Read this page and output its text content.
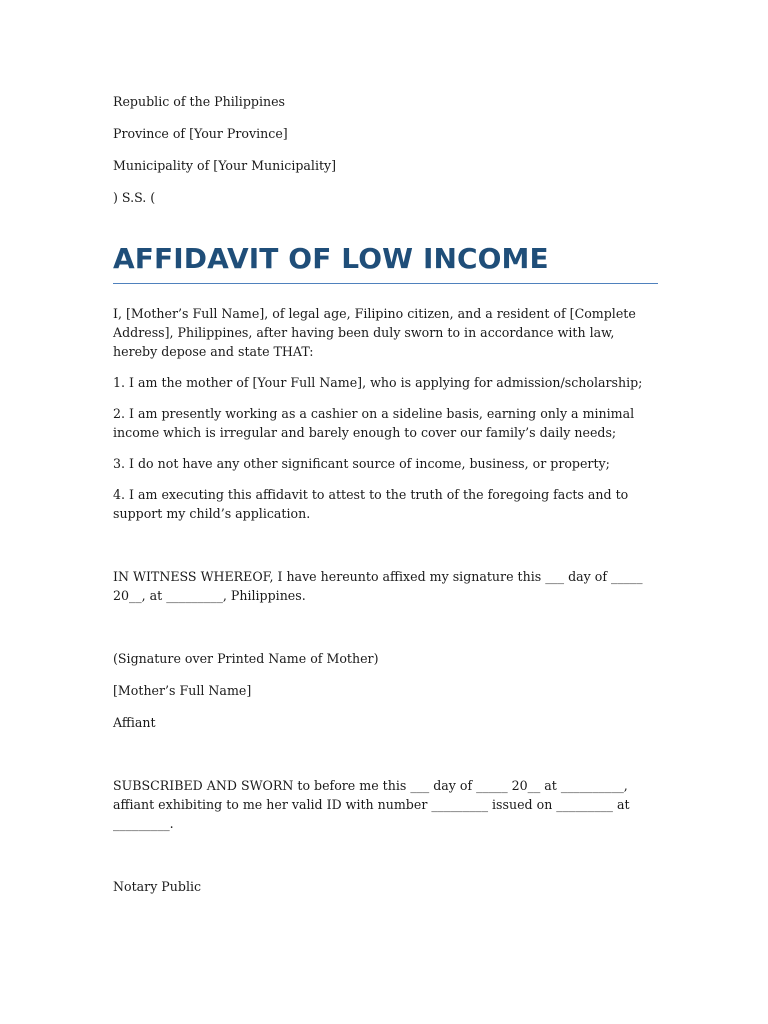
Republic of the Philippines

Province of [Your Province]

Municipality of [Your Municipality]

) S.S. (

AFFIDAVIT OF LOW INCOME

I, [Mother’s Full Name], of legal age, Filipino citizen, and a resident of [Complete Address], Philippines, after having been duly sworn to in accordance with law, hereby depose and state THAT:

1. I am the mother of [Your Full Name], who is applying for admission/scholarship;

2. I am presently working as a cashier on a sideline basis, earning only a minimal income which is irregular and barely enough to cover our family’s daily needs;

3. I do not have any other significant source of income, business, or property;

4. I am executing this affidavit to attest to the truth of the foregoing facts and to support my child’s application.

IN WITNESS WHEREOF, I have hereunto affixed my signature this ___ day of _____ 20__, at _________, Philippines.

(Signature over Printed Name of Mother)

[Mother’s Full Name]

Affiant

SUBSCRIBED AND SWORN to before me this ___ day of _____ 20__ at __________, affiant exhibiting to me her valid ID with number _________ issued on _________ at _________.

Notary Public
